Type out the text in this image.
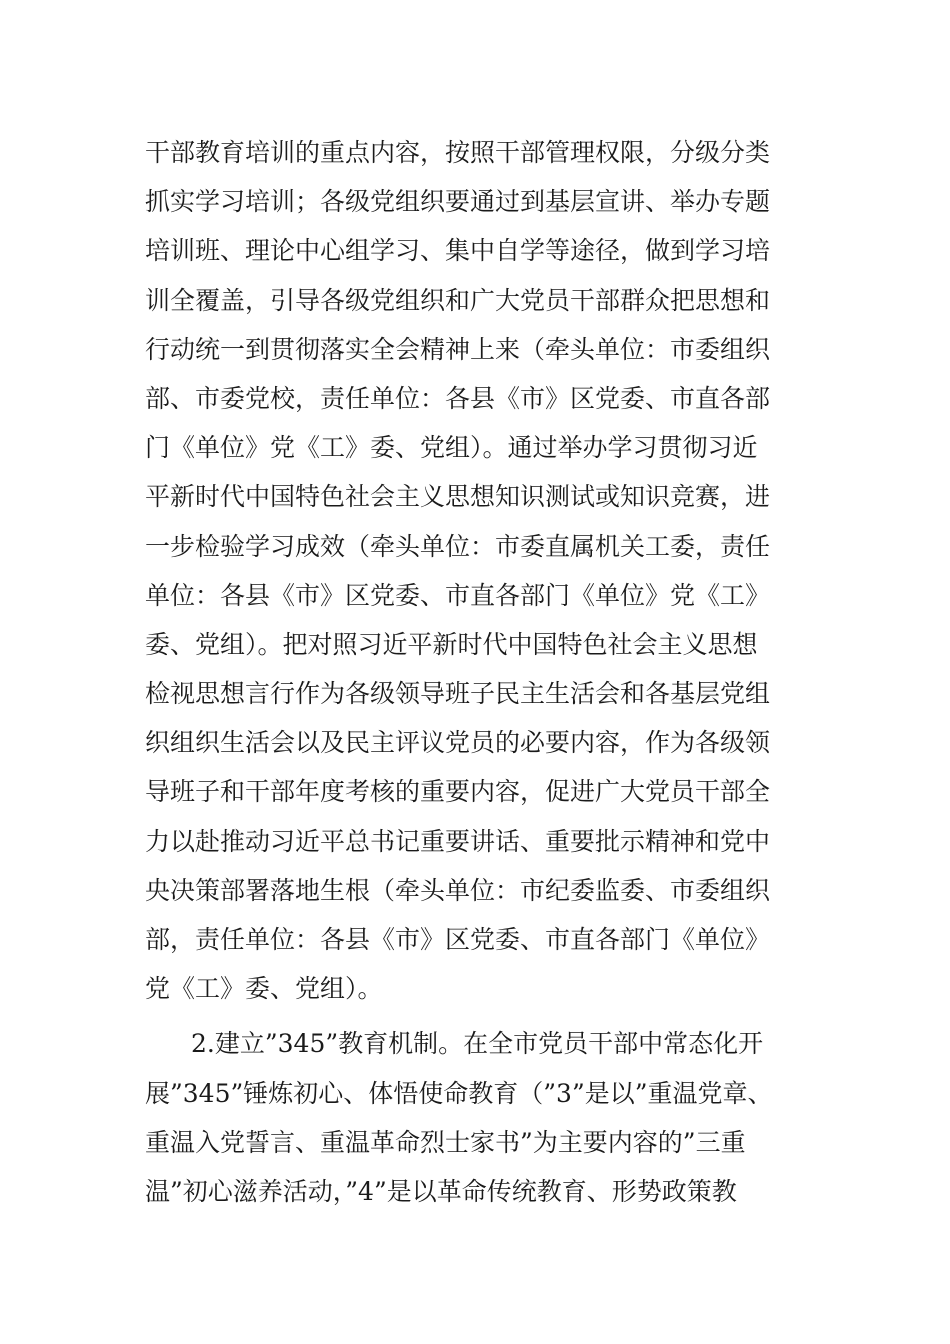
干部教育培训的重点内容，按照干部管理权限，分级分类
抓实学习培训；各级党组织要通过到基层宣讲、举办专题
培训班、理论中心组学习、集中自学等途径，做到学习培
训全覆盖，引导各级党组织和广大党员干部群众把思想和
行动统一到贯彻落实全会精神上来（牵头单位：市委组织
部、市委党校，责任单位：各县《市》区党委、市直各部
门《单位》党《工》委、党组）。通过举办学习贯彻习近
平新时代中国特色社会主义思想知识测试或知识竞赛，进
一步检验学习成效（牵头单位：市委直属机关工委，责任
单位：各县《市》区党委、市直各部门《单位》党《工》
委、党组）。把对照习近平新时代中国特色社会主义思想
检视思想言行作为各级领导班子民主生活会和各基层党组
织组织生活会以及民主评议党员的必要内容，作为各级领
导班子和干部年度考核的重要内容，促进广大党员干部全
力以赴推动习近平总书记重要讲话、重要批示精神和党中
央决策部署落地生根（牵头单位：市纪委监委、市委组织
部，责任单位：各县《市》区党委、市直各部门《单位》
党《工》委、党组）。
2.建立”345”教育机制。在全市党员干部中常态化开
展”345”锤炼初心、体悟使命教育（”3”是以”重温党章、
重温入党誓言、重温革命烈士家书”为主要内容的”三重
温”初心滋养活动，”4”是以革命传统教育、形势政策教
